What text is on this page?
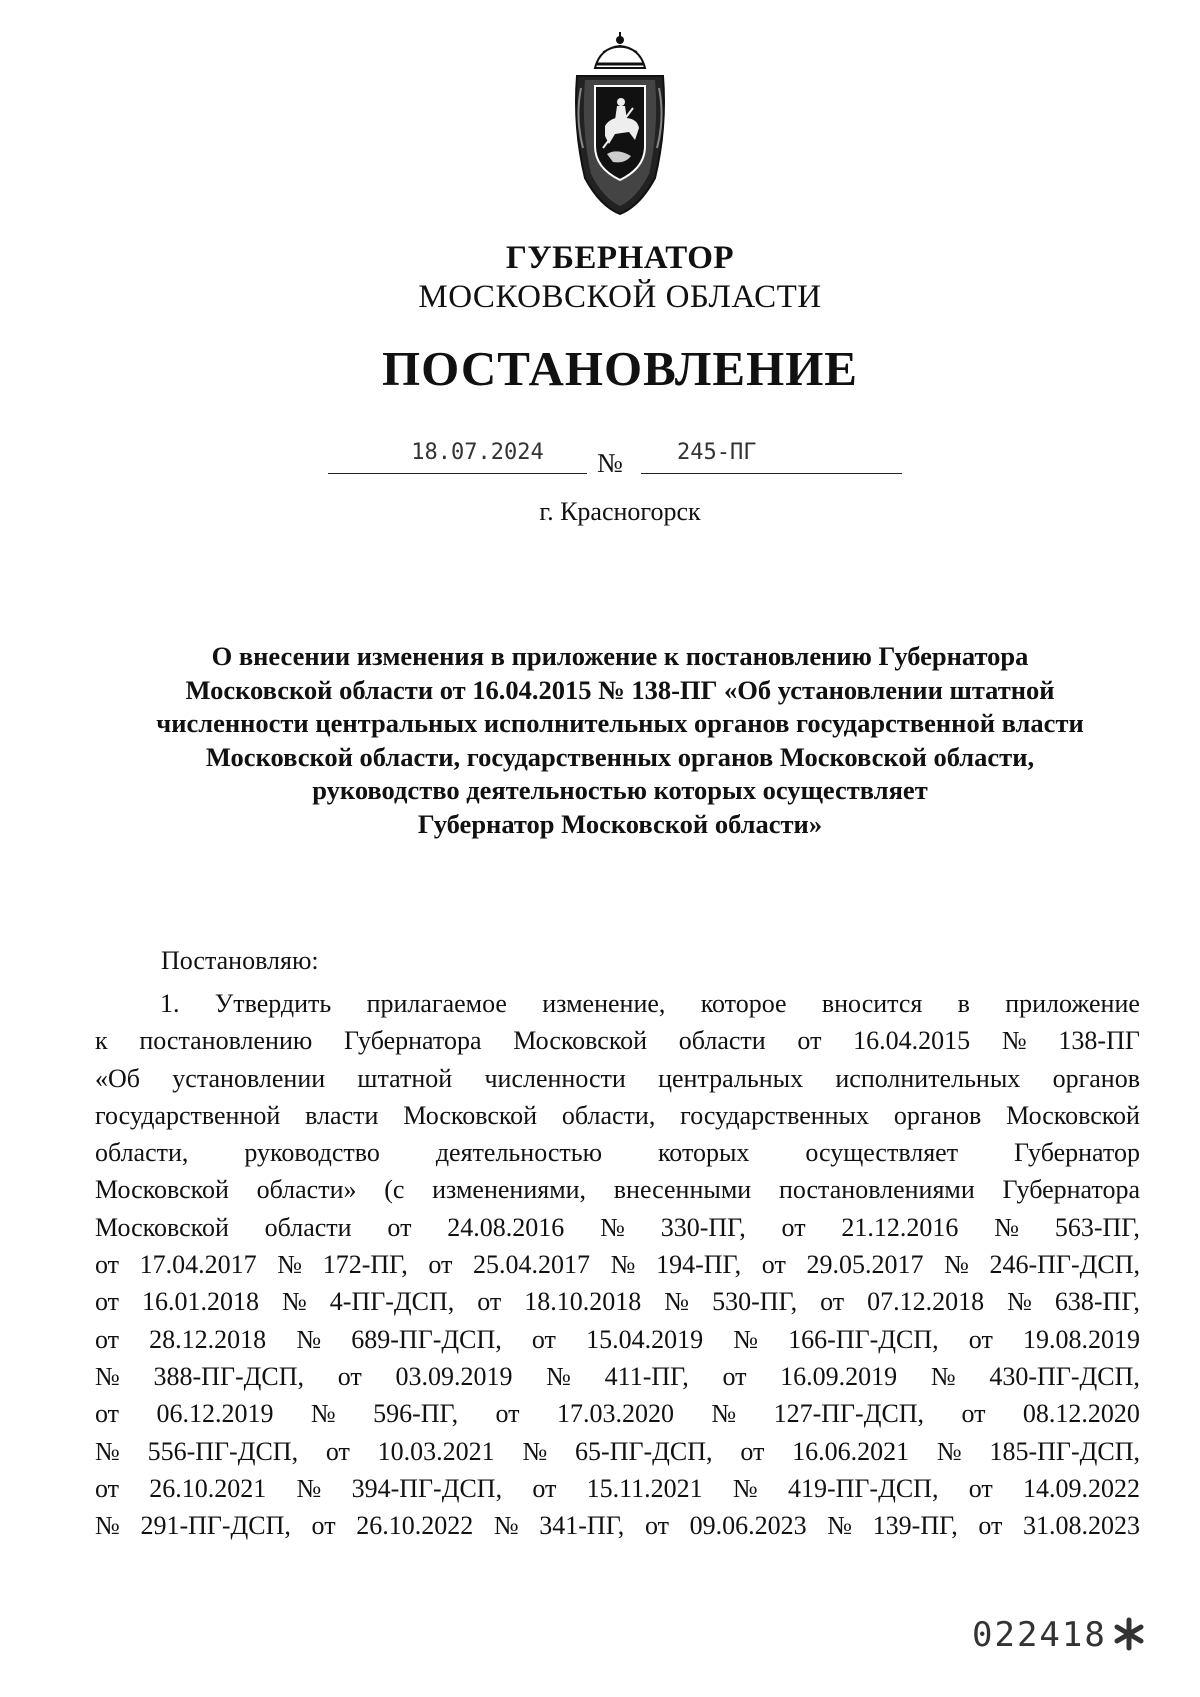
ГУБЕРНАТОР
МОСКОВСКОЙ ОБЛАСТИ
ПОСТАНОВЛЕНИЕ
18.07.2024	№	245-ПГ
г. Красногорск
О внесении изменения в приложение к постановлению Губернатора
Московской области от 16.04.2015 № 138-ПГ «Об установлении штатной
численности центральных исполнительных органов государственной власти
Московской области, государственных органов Московской области,
руководство деятельностью которых осуществляет
Губернатор Московской области»
Постановляю:
1. Утвердить прилагаемое изменение, которое вносится в приложение
к постановлению Губернатора Московской области от 16.04.2015 № 138-ПГ
«Об установлении штатной численности центральных исполнительных органов
государственной власти Московской области, государственных органов Московской
области, руководство деятельностью которых осуществляет Губернатор
Московской области» (с изменениями, внесенными постановлениями Губернатора
Московской области от 24.08.2016 № 330-ПГ, от 21.12.2016 № 563-ПГ,
от 17.04.2017 № 172-ПГ, от 25.04.2017 № 194-ПГ, от 29.05.2017 № 246-ПГ-ДСП,
от 16.01.2018 № 4-ПГ-ДСП, от 18.10.2018 № 530-ПГ, от 07.12.2018 № 638-ПГ,
от 28.12.2018 № 689-ПГ-ДСП, от 15.04.2019 № 166-ПГ-ДСП, от 19.08.2019
№ 388-ПГ-ДСП, от 03.09.2019 № 411-ПГ, от 16.09.2019 № 430-ПГ-ДСП,
от 06.12.2019 № 596-ПГ, от 17.03.2020 № 127-ПГ-ДСП, от 08.12.2020
№ 556-ПГ-ДСП, от 10.03.2021 № 65-ПГ-ДСП, от 16.06.2021 № 185-ПГ-ДСП,
от 26.10.2021 № 394-ПГ-ДСП, от 15.11.2021 № 419-ПГ-ДСП, от 14.09.2022
№ 291-ПГ-ДСП, от 26.10.2022 № 341-ПГ, от 09.06.2023 № 139-ПГ, от 31.08.2023
022418
